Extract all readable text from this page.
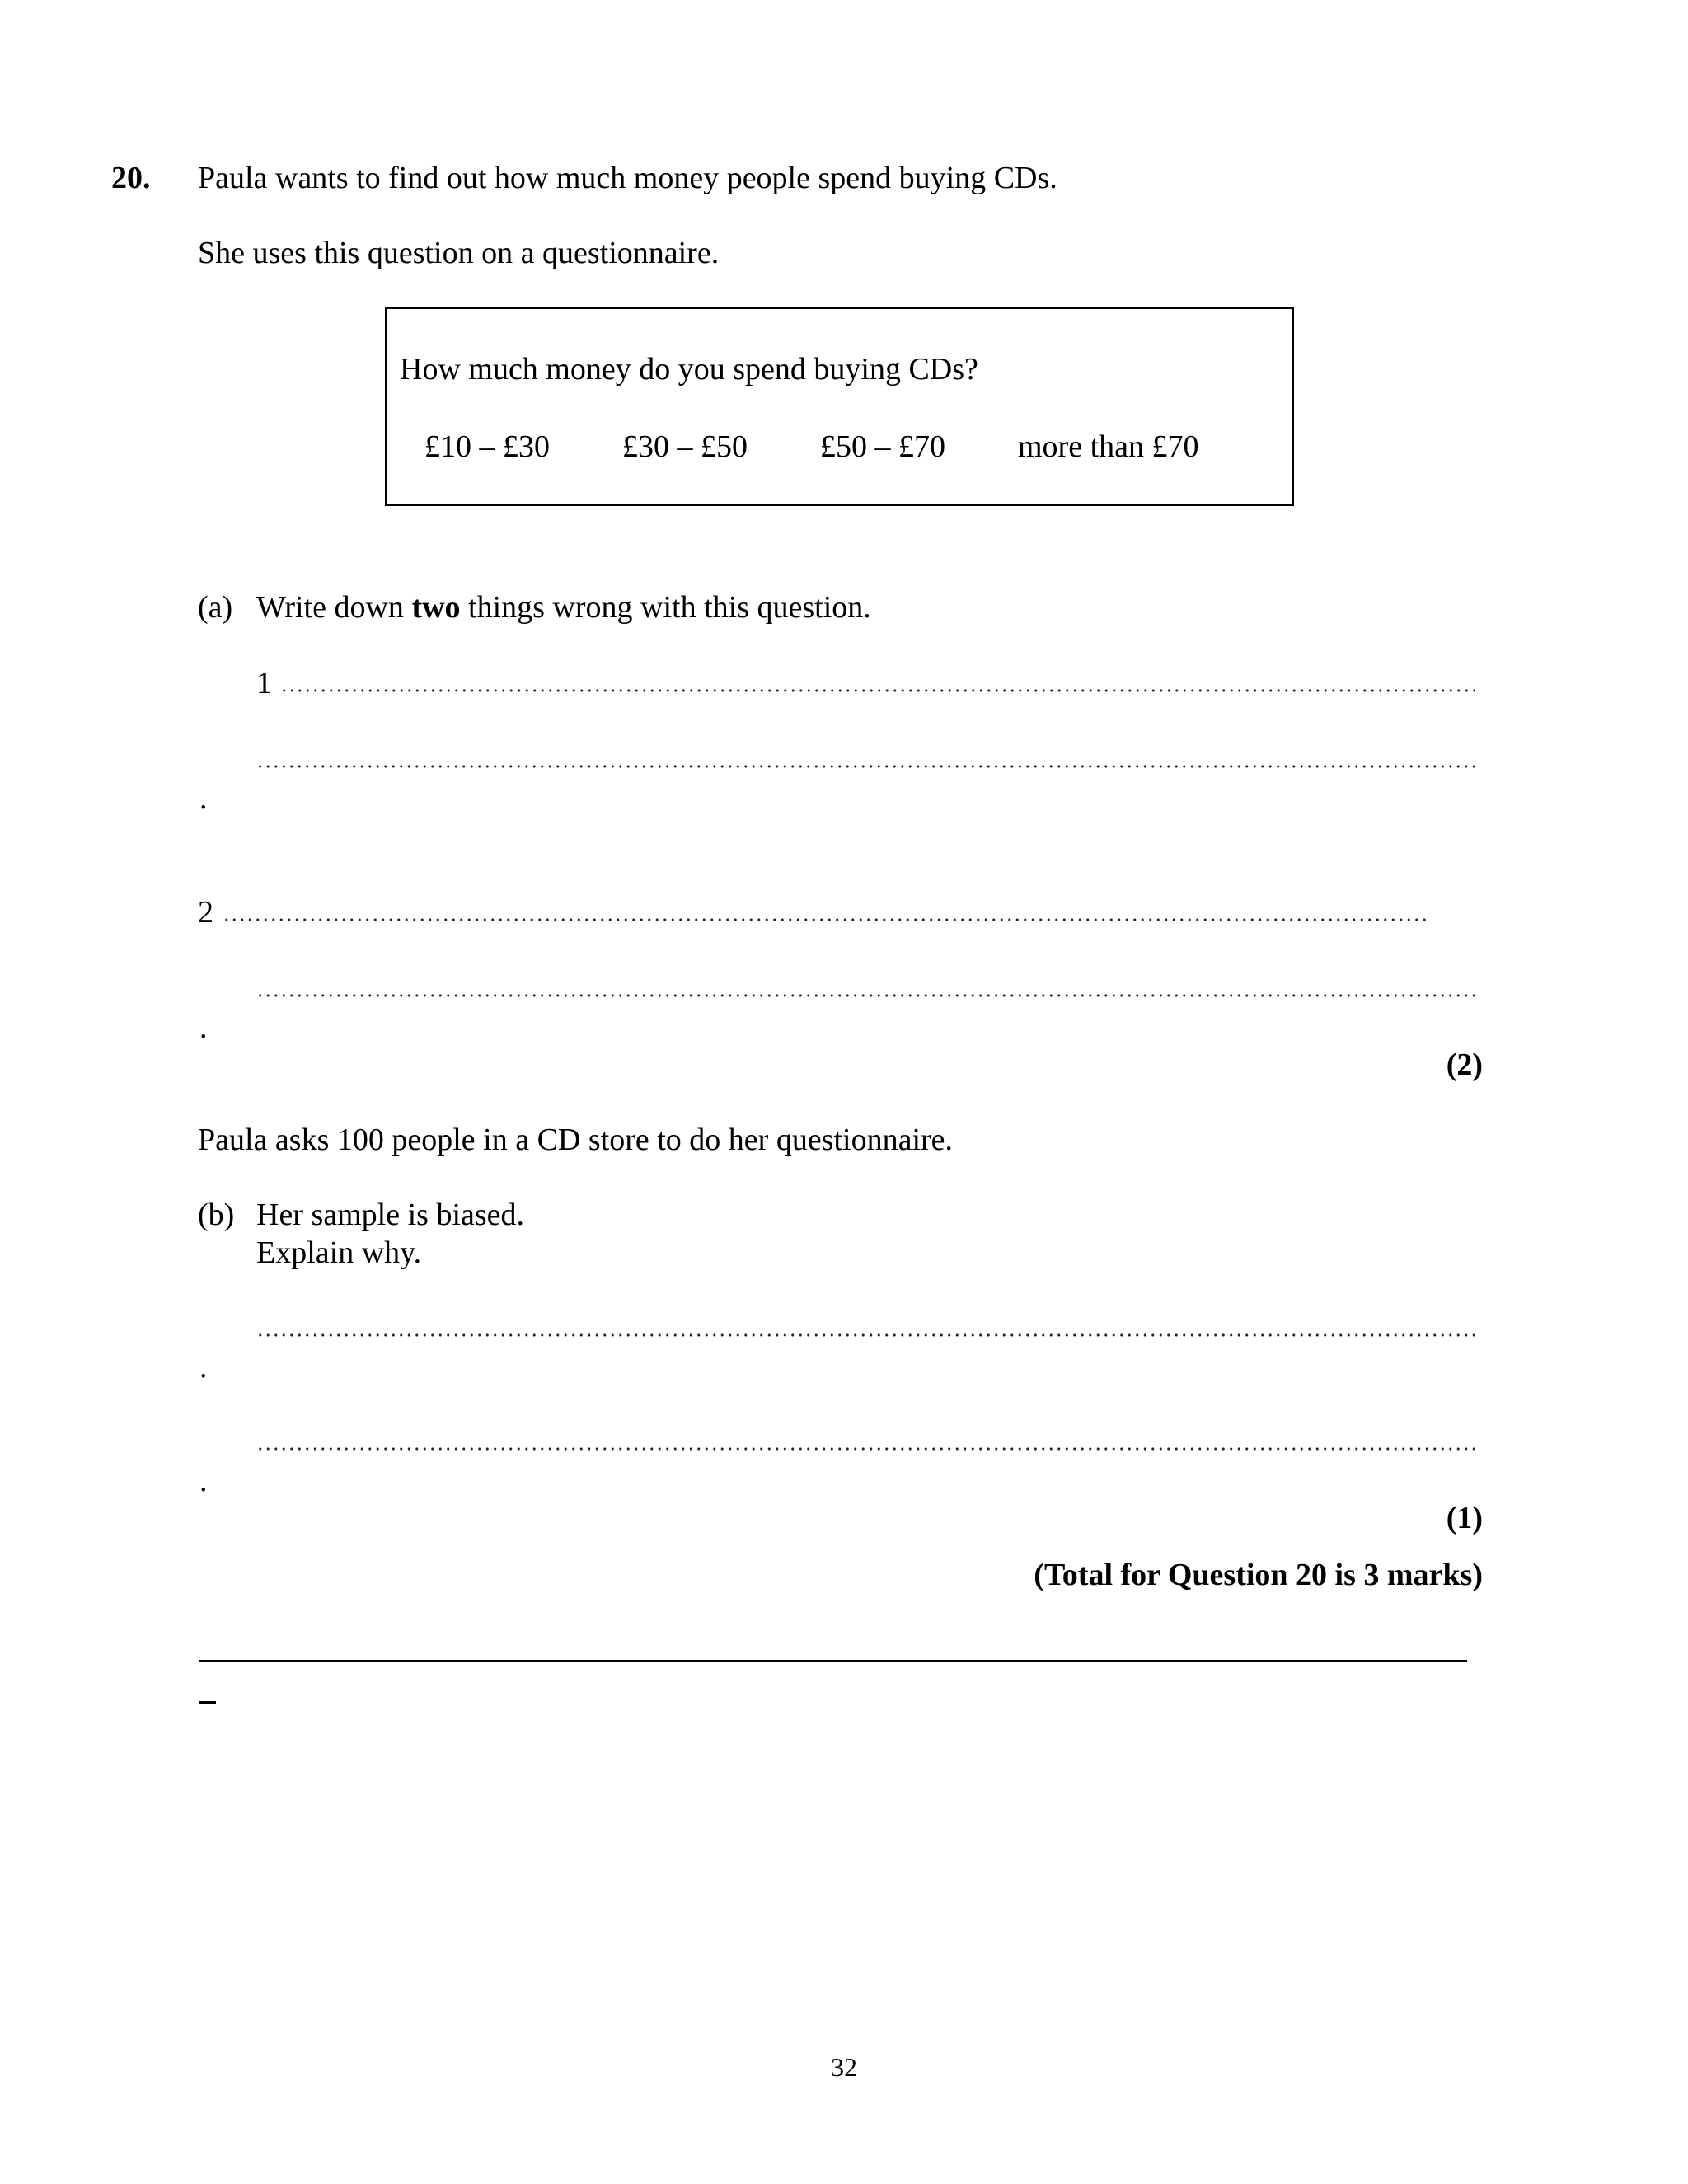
20. Paula wants to find out how much money people spend buying CDs.
She uses this question on a questionnaire.
How much money do you spend buying CDs?
£10 – £30 £30 – £50 £50 – £70 more than £70
(a) Write down two things wrong with this question.
1
.
2
.
(2)
Paula asks 100 people in a CD store to do her questionnaire.
(b) Her sample is biased.
Explain why.
.
.
(1)
(Total for Question 20 is 3 marks)
32
